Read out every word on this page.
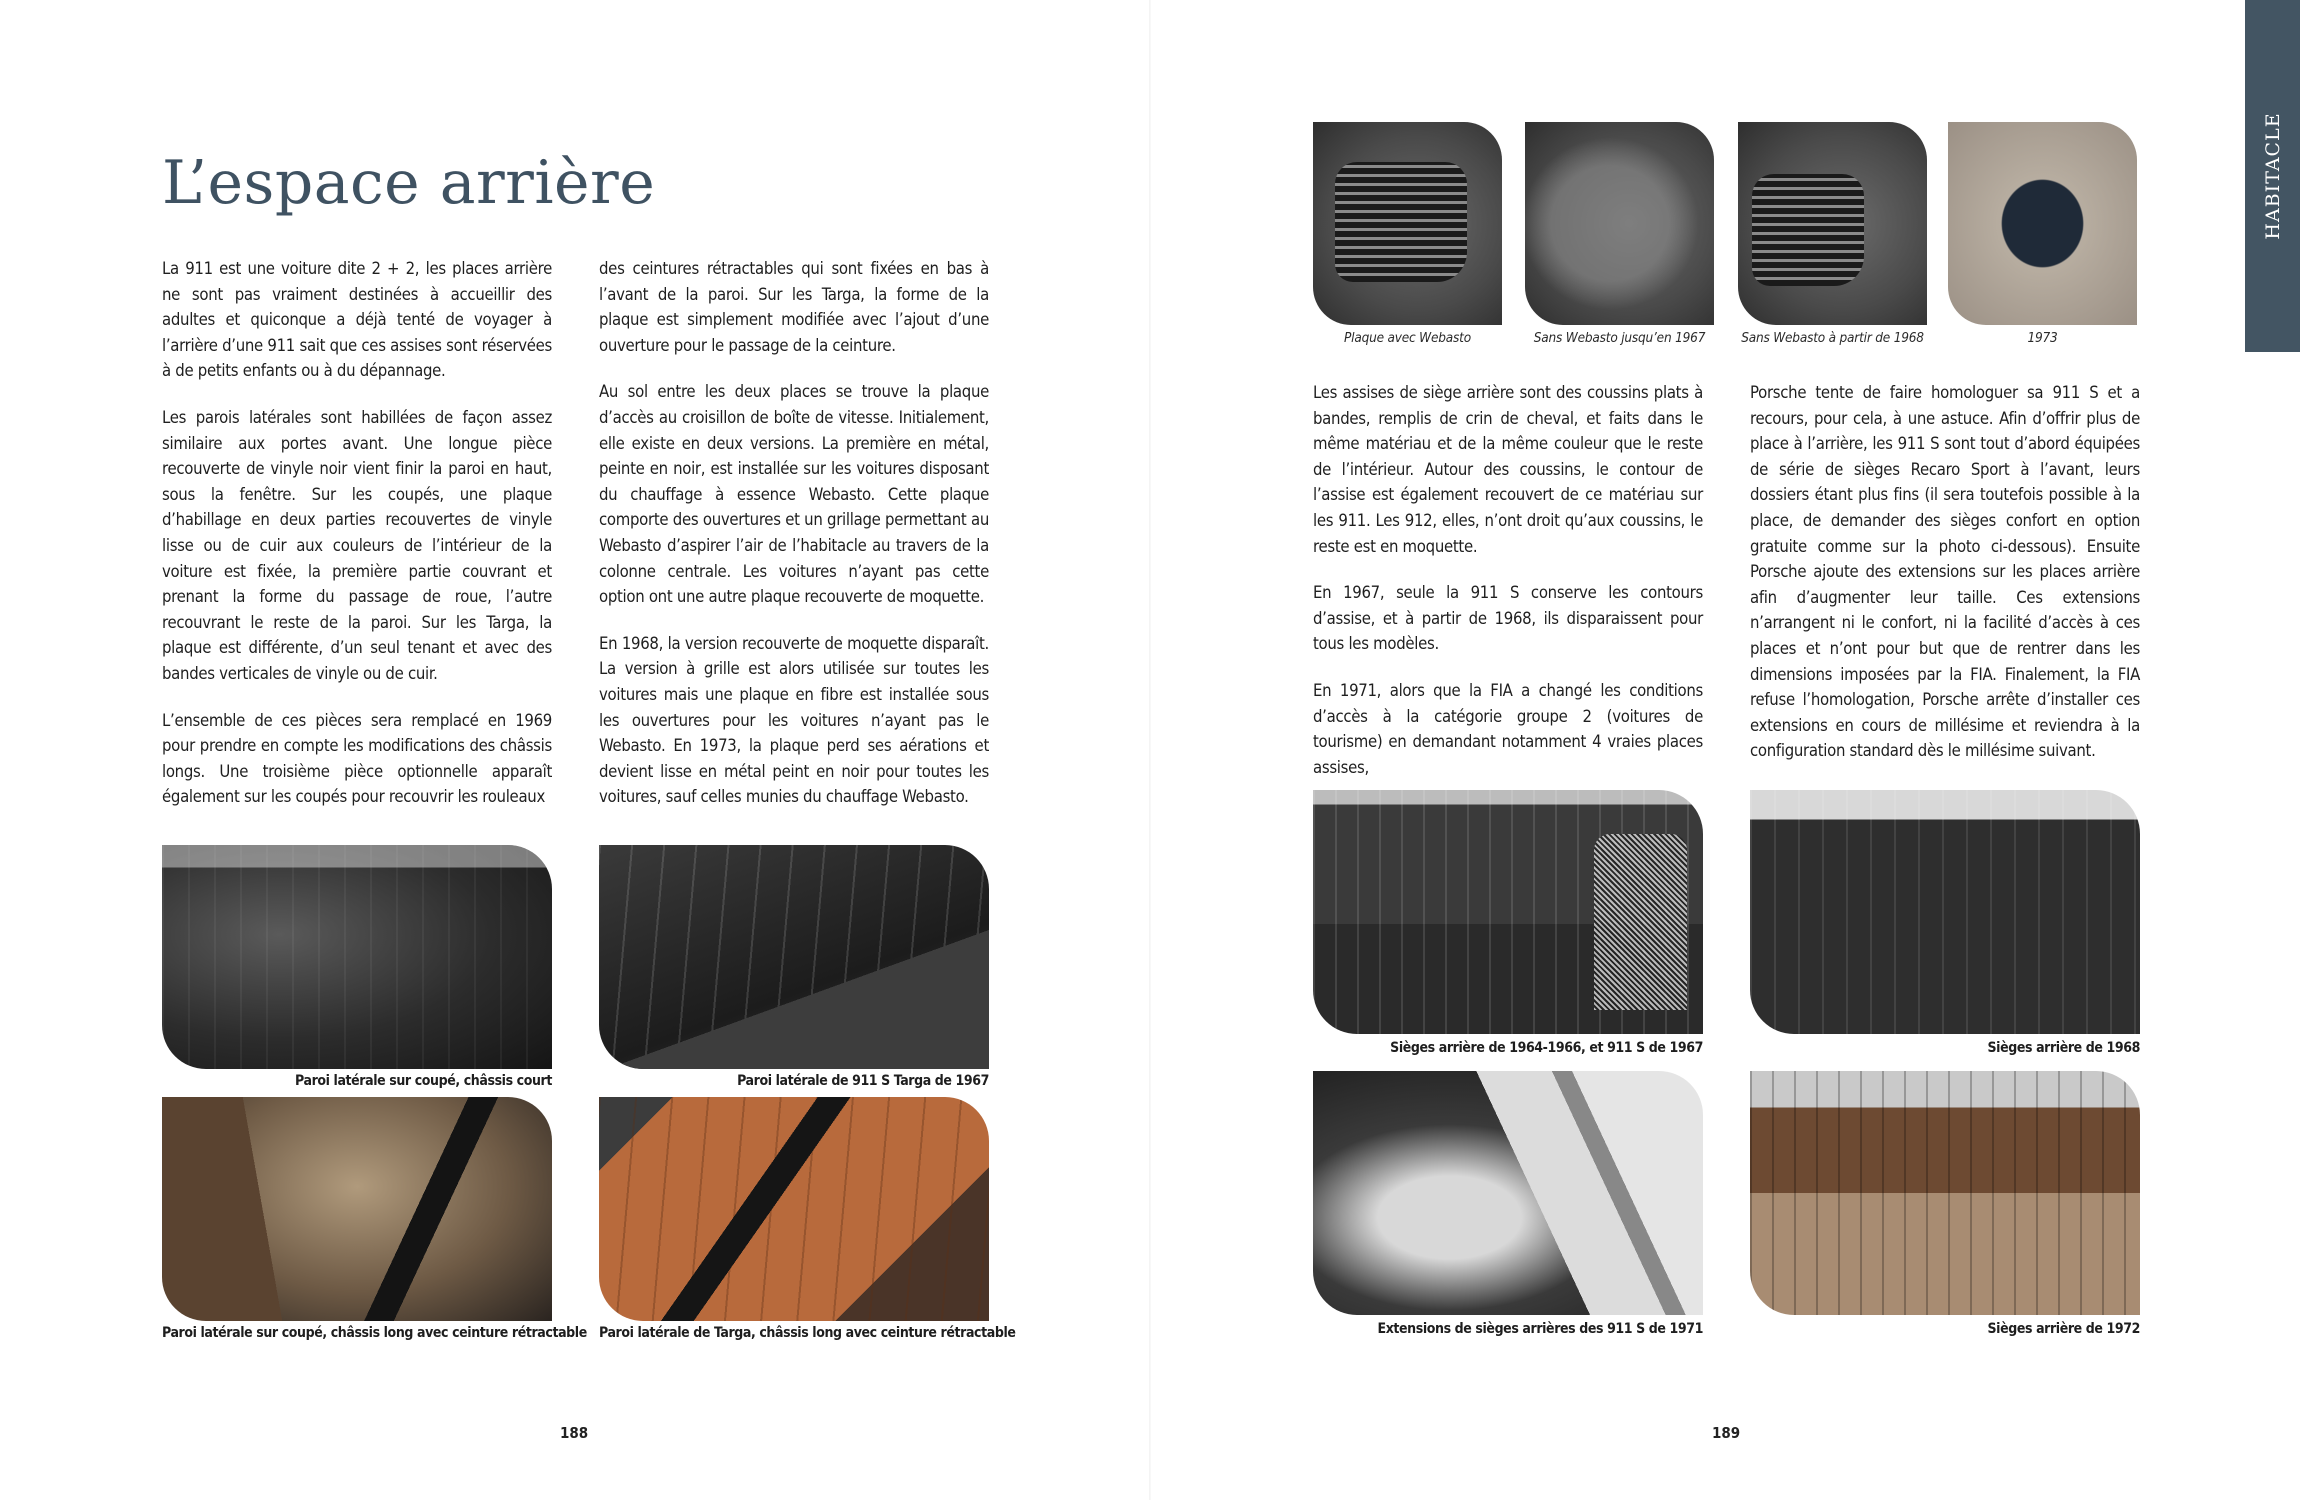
L’espace arrière

La 911 est une voiture dite 2 + 2, les places arrière ne sont pas vraiment destinées à accueillir des adultes et quiconque a déjà tenté de voyager à l’arrière d’une 911 sait que ces assises sont réservées à de petits enfants ou à du dépannage.

Les parois latérales sont habillées de façon assez similaire aux portes avant. Une longue pièce recouverte de vinyle noir vient finir la paroi en haut, sous la fenêtre. Sur les coupés, une plaque d’habillage en deux parties recouvertes de vinyle lisse ou de cuir aux couleurs de l’intérieur de la voiture est fixée, la première partie couvrant et prenant la forme du passage de roue, l’autre recouvrant le reste de la paroi. Sur les Targa, la plaque est différente, d’un seul tenant et avec des bandes verticales de vinyle ou de cuir.

L’ensemble de ces pièces sera remplacé en 1969 pour prendre en compte les modifications des châssis longs. Une troisième pièce optionnelle apparaît également sur les coupés pour recouvrir les rouleaux

des ceintures rétractables qui sont fixées en bas à l’avant de la paroi. Sur les Targa, la forme de la plaque est simplement modifiée avec l’ajout d’une ouverture pour le passage de la ceinture.

Au sol entre les deux places se trouve la plaque d’accès au croisillon de boîte de vitesse. Initialement, elle existe en deux versions. La première en métal, peinte en noir, est installée sur les voitures disposant du chauffage à essence Webasto. Cette plaque comporte des ouvertures et un grillage permettant au Webasto d’aspirer l’air de l’habitacle au travers de la colonne centrale. Les voitures n’ayant pas cette option ont une autre plaque recouverte de moquette.

En 1968, la version recouverte de moquette disparaît. La version à grille est alors utilisée sur toutes les voitures mais une plaque en fibre est installée sous les ouvertures pour les voitures n’ayant pas le Webasto. En 1973, la plaque perd ses aérations et devient lisse en métal peint en noir pour toutes les voitures, sauf celles munies du chauffage Webasto.

Paroi latérale sur coupé, châssis court	Paroi latérale de 911 S Targa de 1967
Paroi latérale sur coupé, châssis long avec ceinture rétractable Paroi latérale de Targa, châssis long avec ceinture rétractable
188
Plaque avec Webasto	Sans Webasto jusqu’en 1967	Sans Webasto à partir de 1968	1973

Les assises de siège arrière sont des coussins plats à bandes, remplis de crin de cheval, et faits dans le même matériau et de la même couleur que le reste de l’intérieur. Autour des coussins, le contour de l’assise est également recouvert de ce matériau sur les 911. Les 912, elles, n’ont droit qu’aux coussins, le reste est en moquette.

En 1967, seule la 911 S conserve les contours d’assise, et à partir de 1968, ils disparaissent pour tous les modèles.

En 1971, alors que la FIA a changé les conditions d’accès à la catégorie groupe 2 (voitures de tourisme) en demandant notamment 4 vraies places assises,

Porsche tente de faire homologuer sa 911 S et a recours, pour cela, à une astuce. Afin d’offrir plus de place à l’arrière, les 911 S sont tout d’abord équipées de série de sièges Recaro Sport à l’avant, leurs dossiers étant plus fins (il sera toutefois possible à la place, de demander des sièges confort en option gratuite comme sur la photo ci-dessous). Ensuite Porsche ajoute des extensions sur les places arrière afin d’augmenter leur taille. Ces extensions n’arrangent ni le confort, ni la facilité d’accès à ces places et n’ont pour but que de rentrer dans les dimensions imposées par la FIA. Finalement, la FIA refuse l’homologation, Porsche arrête d’installer ces extensions en cours de millésime et reviendra à la configuration standard dès le millésime suivant.

Sièges arrière de 1964-1966, et 911 S de 1967	Sièges arrière de 1968
Extensions de sièges arrières des 911 S de 1971	Sièges arrière de 1972
189
HABITACLE
